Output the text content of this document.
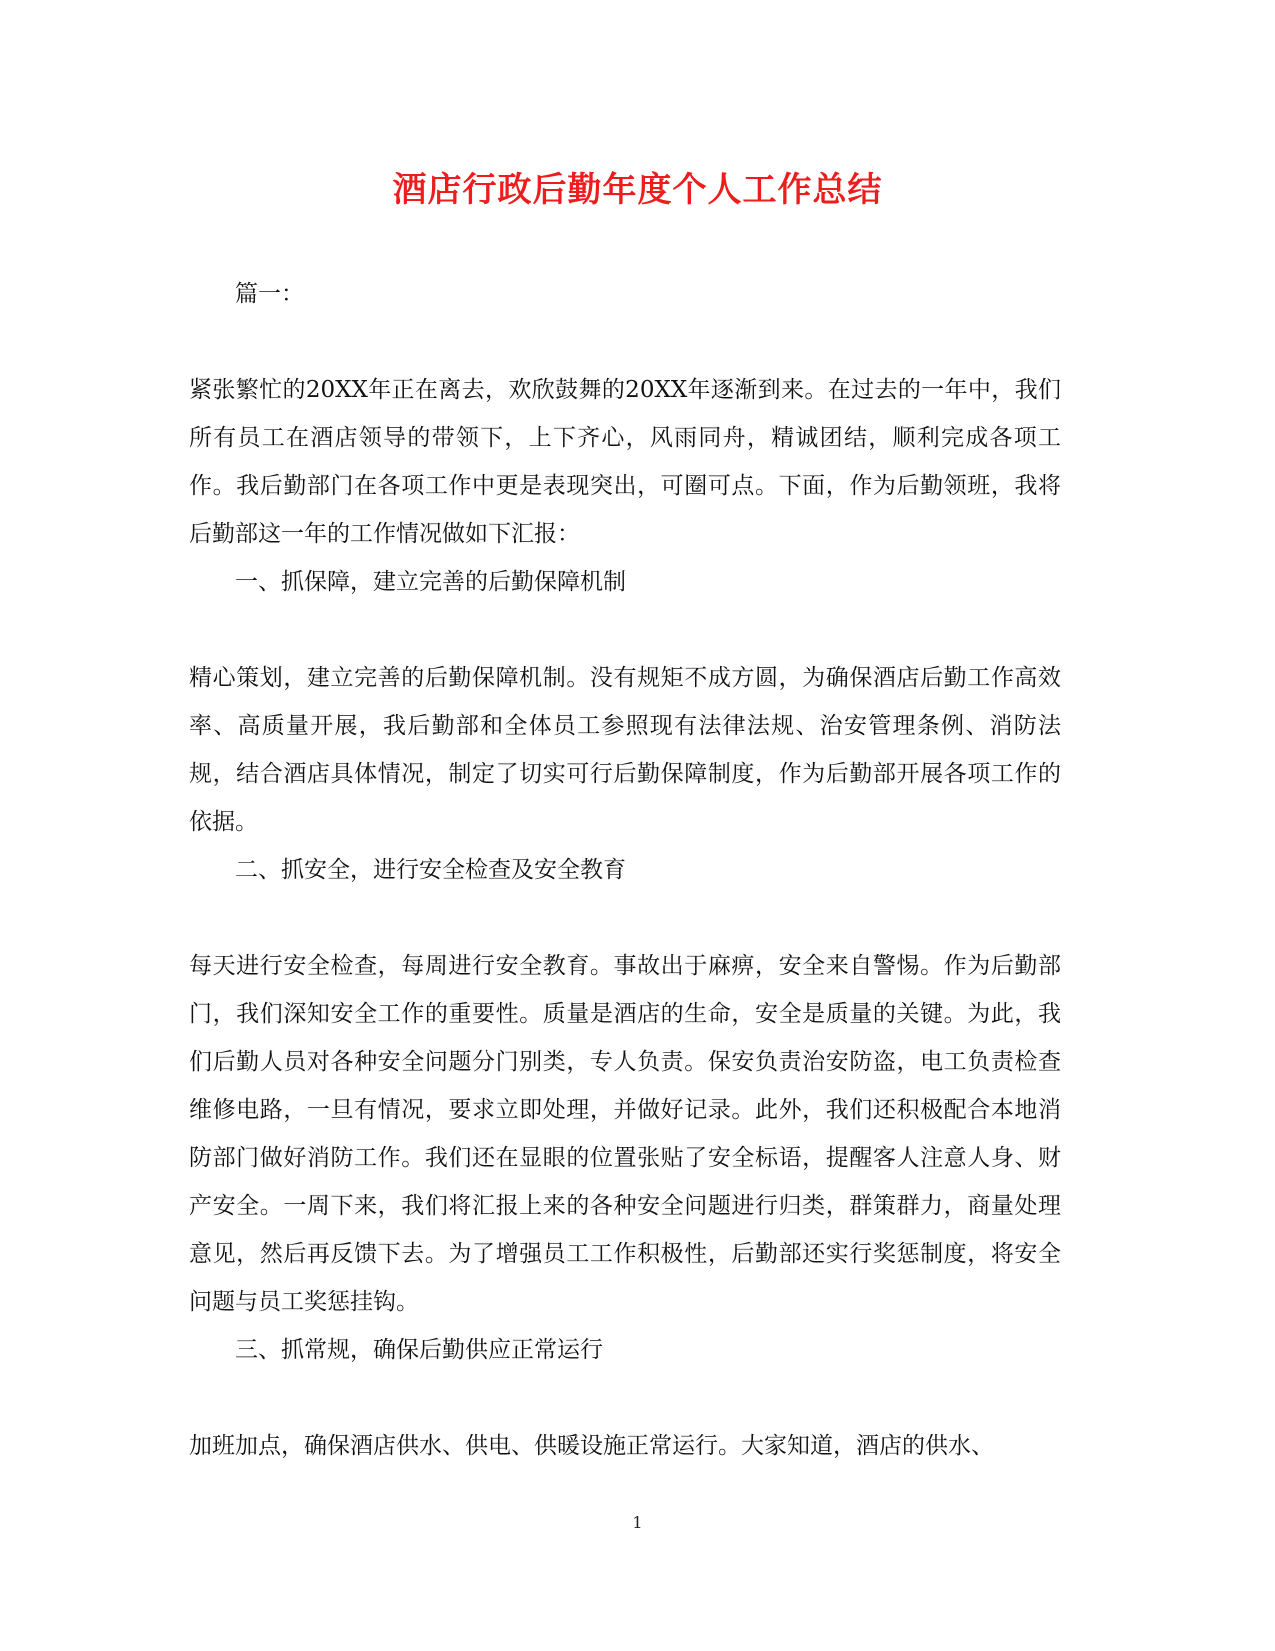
酒店行政后勤年度个人工作总结

篇一：

紧张繁忙的20XX年正在离去，欢欣鼓舞的20XX年逐渐到来。在过去的一年中，我们所有员工在酒店领导的带领下，上下齐心，风雨同舟，精诚团结，顺利完成各项工作。我后勤部门在各项工作中更是表现突出，可圈可点。下面，作为后勤领班，我将后勤部这一年的工作情况做如下汇报：

一、抓保障，建立完善的后勤保障机制

精心策划，建立完善的后勤保障机制。没有规矩不成方圆，为确保酒店后勤工作高效率、高质量开展，我后勤部和全体员工参照现有法律法规、治安管理条例、消防法规，结合酒店具体情况，制定了切实可行后勤保障制度，作为后勤部开展各项工作的依据。

二、抓安全，进行安全检查及安全教育

每天进行安全检查，每周进行安全教育。事故出于麻痹，安全来自警惕。作为后勤部门，我们深知安全工作的重要性。质量是酒店的生命，安全是质量的关键。为此，我们后勤人员对各种安全问题分门别类，专人负责。保安负责治安防盗，电工负责检查维修电路，一旦有情况，要求立即处理，并做好记录。此外，我们还积极配合本地消防部门做好消防工作。我们还在显眼的位置张贴了安全标语，提醒客人注意人身、财产安全。一周下来，我们将汇报上来的各种安全问题进行归类，群策群力，商量处理意见，然后再反馈下去。为了增强员工工作积极性，后勤部还实行奖惩制度，将安全问题与员工奖惩挂钩。

三、抓常规，确保后勤供应正常运行

加班加点，确保酒店供水、供电、供暖设施正常运行。大家知道，酒店的供水、

1
